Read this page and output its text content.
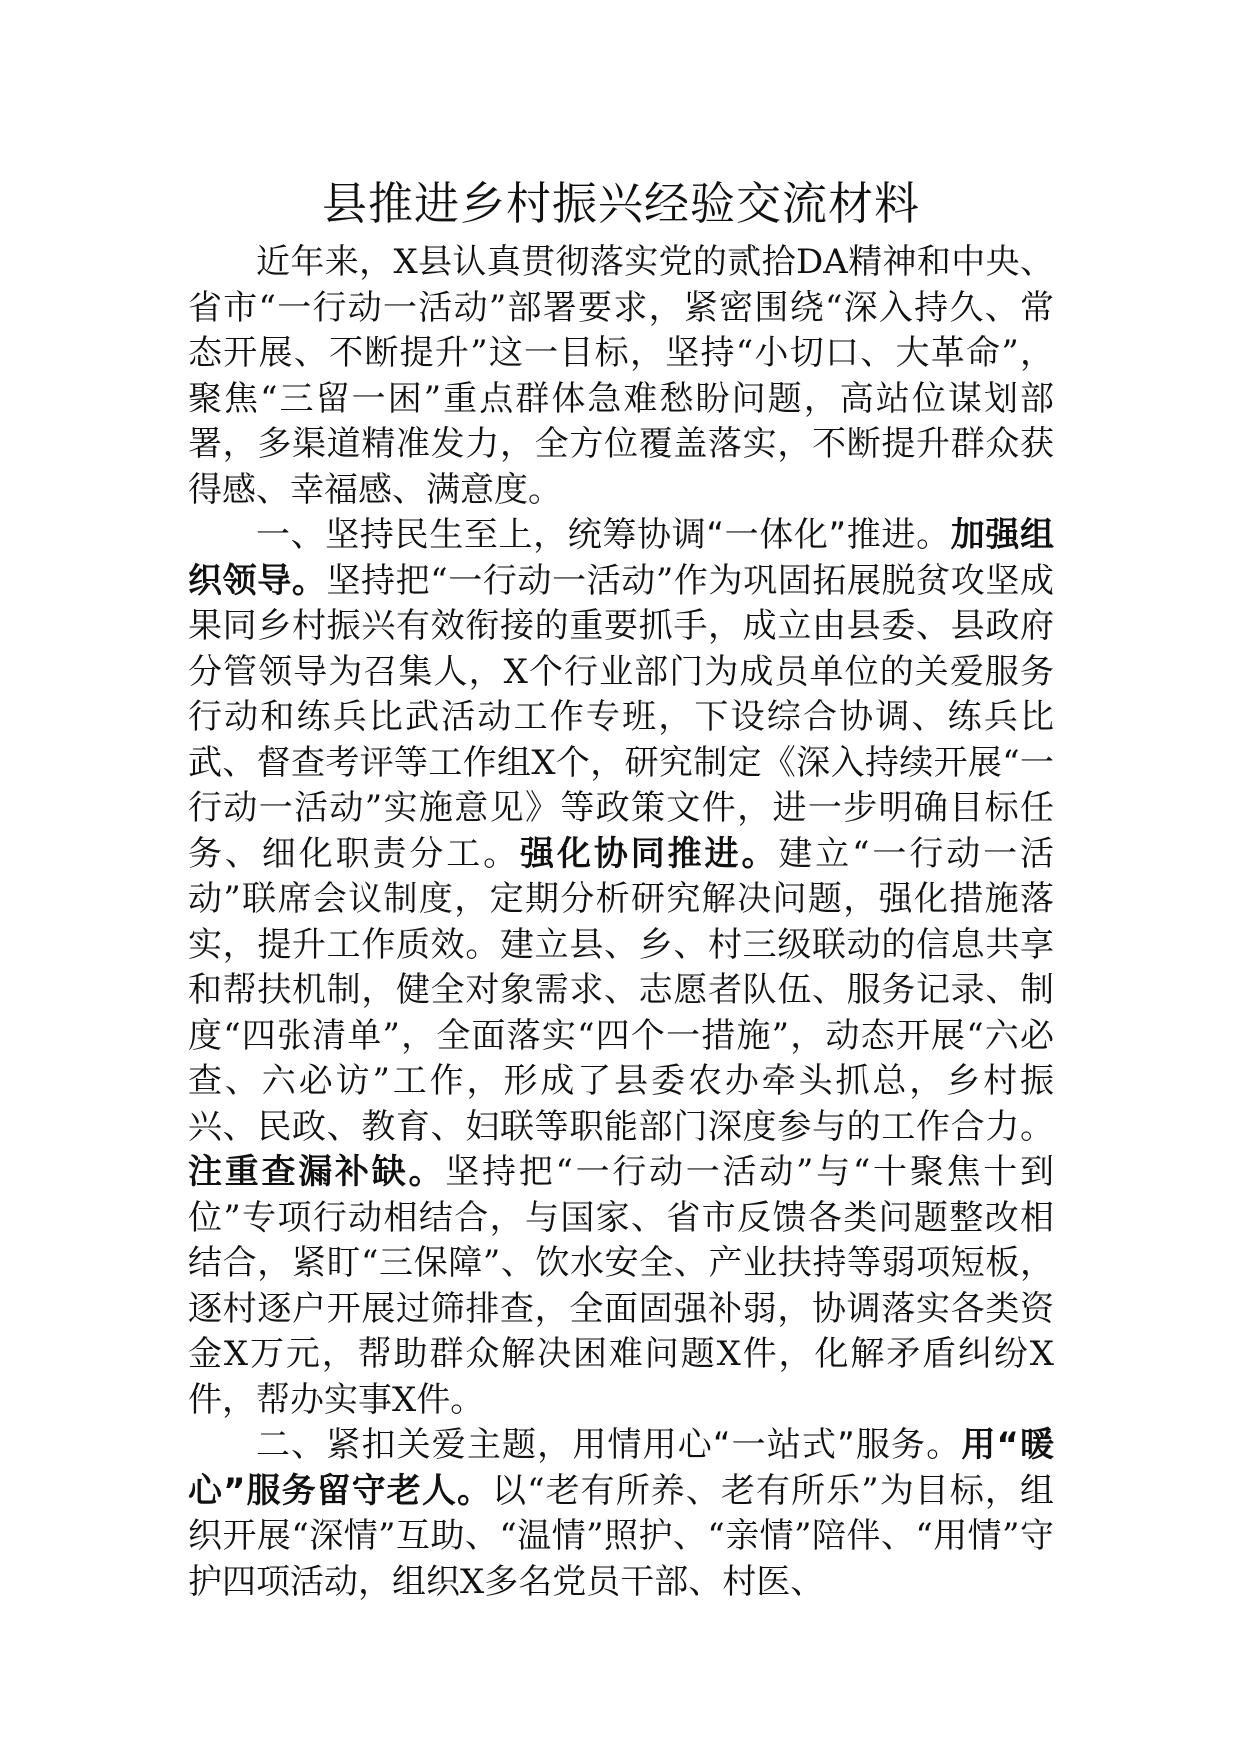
县推进乡村振兴经验交流材料

近年来，X县认真贯彻落实党的贰拾DA精神和中央、省市“一行动一活动”部署要求，紧密围绕“深入持久、常态开展、不断提升”这一目标，坚持“小切口、大革命”，聚焦“三留一困”重点群体急难愁盼问题，高站位谋划部署，多渠道精准发力，全方位覆盖落实，不断提升群众获得感、幸福感、满意度。

一、坚持民生至上，统筹协调“一体化”推进。加强组织领导。坚持把“一行动一活动”作为巩固拓展脱贫攻坚成果同乡村振兴有效衔接的重要抓手，成立由县委、县政府分管领导为召集人，X个行业部门为成员单位的关爱服务行动和练兵比武活动工作专班，下设综合协调、练兵比武、督查考评等工作组X个，研究制定《深入持续开展“一行动一活动”实施意见》等政策文件，进一步明确目标任务、细化职责分工。强化协同推进。建立“一行动一活动”联席会议制度，定期分析研究解决问题，强化措施落实，提升工作质效。建立县、乡、村三级联动的信息共享和帮扶机制，健全对象需求、志愿者队伍、服务记录、制度“四张清单”，全面落实“四个一措施”，动态开展“六必查、六必访”工作，形成了县委农办牵头抓总，乡村振兴、民政、教育、妇联等职能部门深度参与的工作合力。注重查漏补缺。坚持把“一行动一活动”与“十聚焦十到位”专项行动相结合，与国家、省市反馈各类问题整改相结合，紧盯“三保障”、饮水安全、产业扶持等弱项短板，逐村逐户开展过筛排查，全面固强补弱，协调落实各类资金X万元，帮助群众解决困难问题X件，化解矛盾纠纷X件，帮办实事X件。

二、紧扣关爱主题，用情用心“一站式”服务。用“暖心”服务留守老人。以“老有所养、老有所乐”为目标，组织开展“深情”互助、“温情”照护、“亲情”陪伴、“用情”守护四项活动，组织X多名党员干部、村医、
